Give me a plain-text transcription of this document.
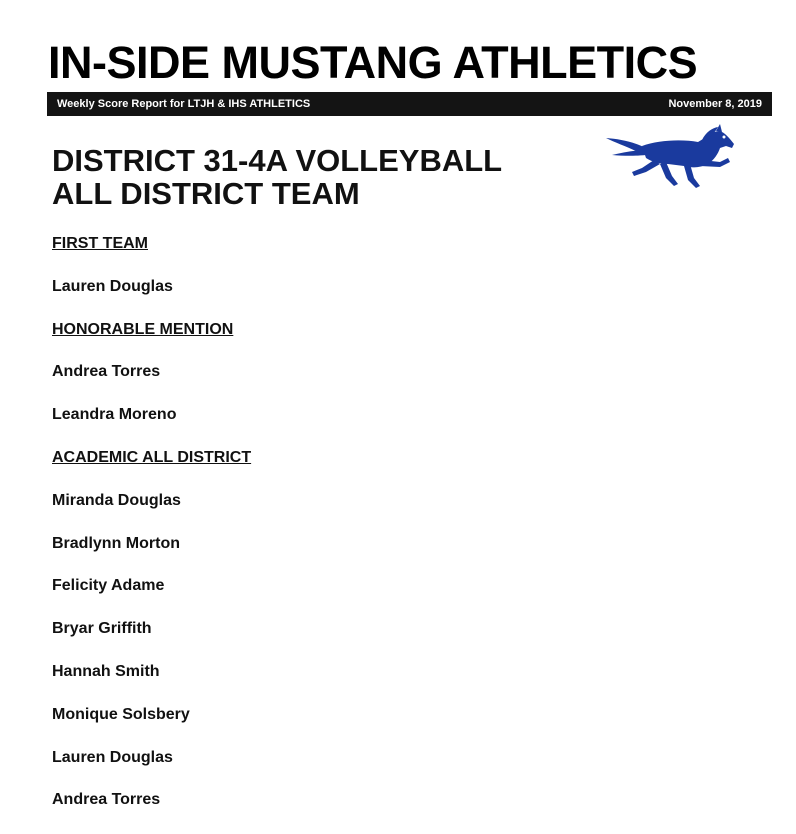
IN-SIDE MUSTANG ATHLETICS
Weekly Score Report for LTJH & IHS ATHLETICS	November 8, 2019
DISTRICT 31-4A VOLLEYBALL
ALL DISTRICT TEAM
FIRST TEAM
Lauren Douglas
HONORABLE MENTION
Andrea Torres
Leandra Moreno
ACADEMIC ALL DISTRICT
Miranda Douglas
Bradlynn Morton
Felicity Adame
Bryar Griffith
Hannah Smith
Monique Solsbery
Lauren Douglas
Andrea Torres
